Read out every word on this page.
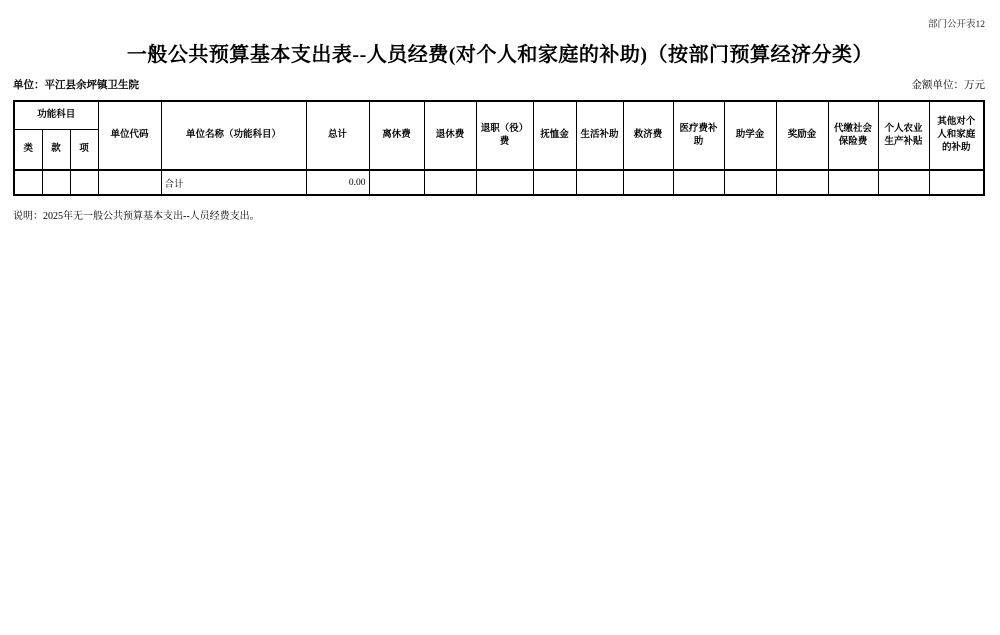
部门公开表12
一般公共预算基本支出表--人员经费(对个人和家庭的补助)（按部门预算经济分类）
单位：平江县余坪镇卫生院	金额单位：万元
功能科目			单位代码	单位名称（功能科目）	总计	离休费	退休费	退职（役）费	抚恤金	生活补助	救济费	医疗费补助	助学金	奖励金	代缴社会保险费	个人农业生产补贴	其他对个人和家庭的补助
类	款	项															
				合计	0.00												
说明：2025年无一般公共预算基本支出--人员经费支出。
